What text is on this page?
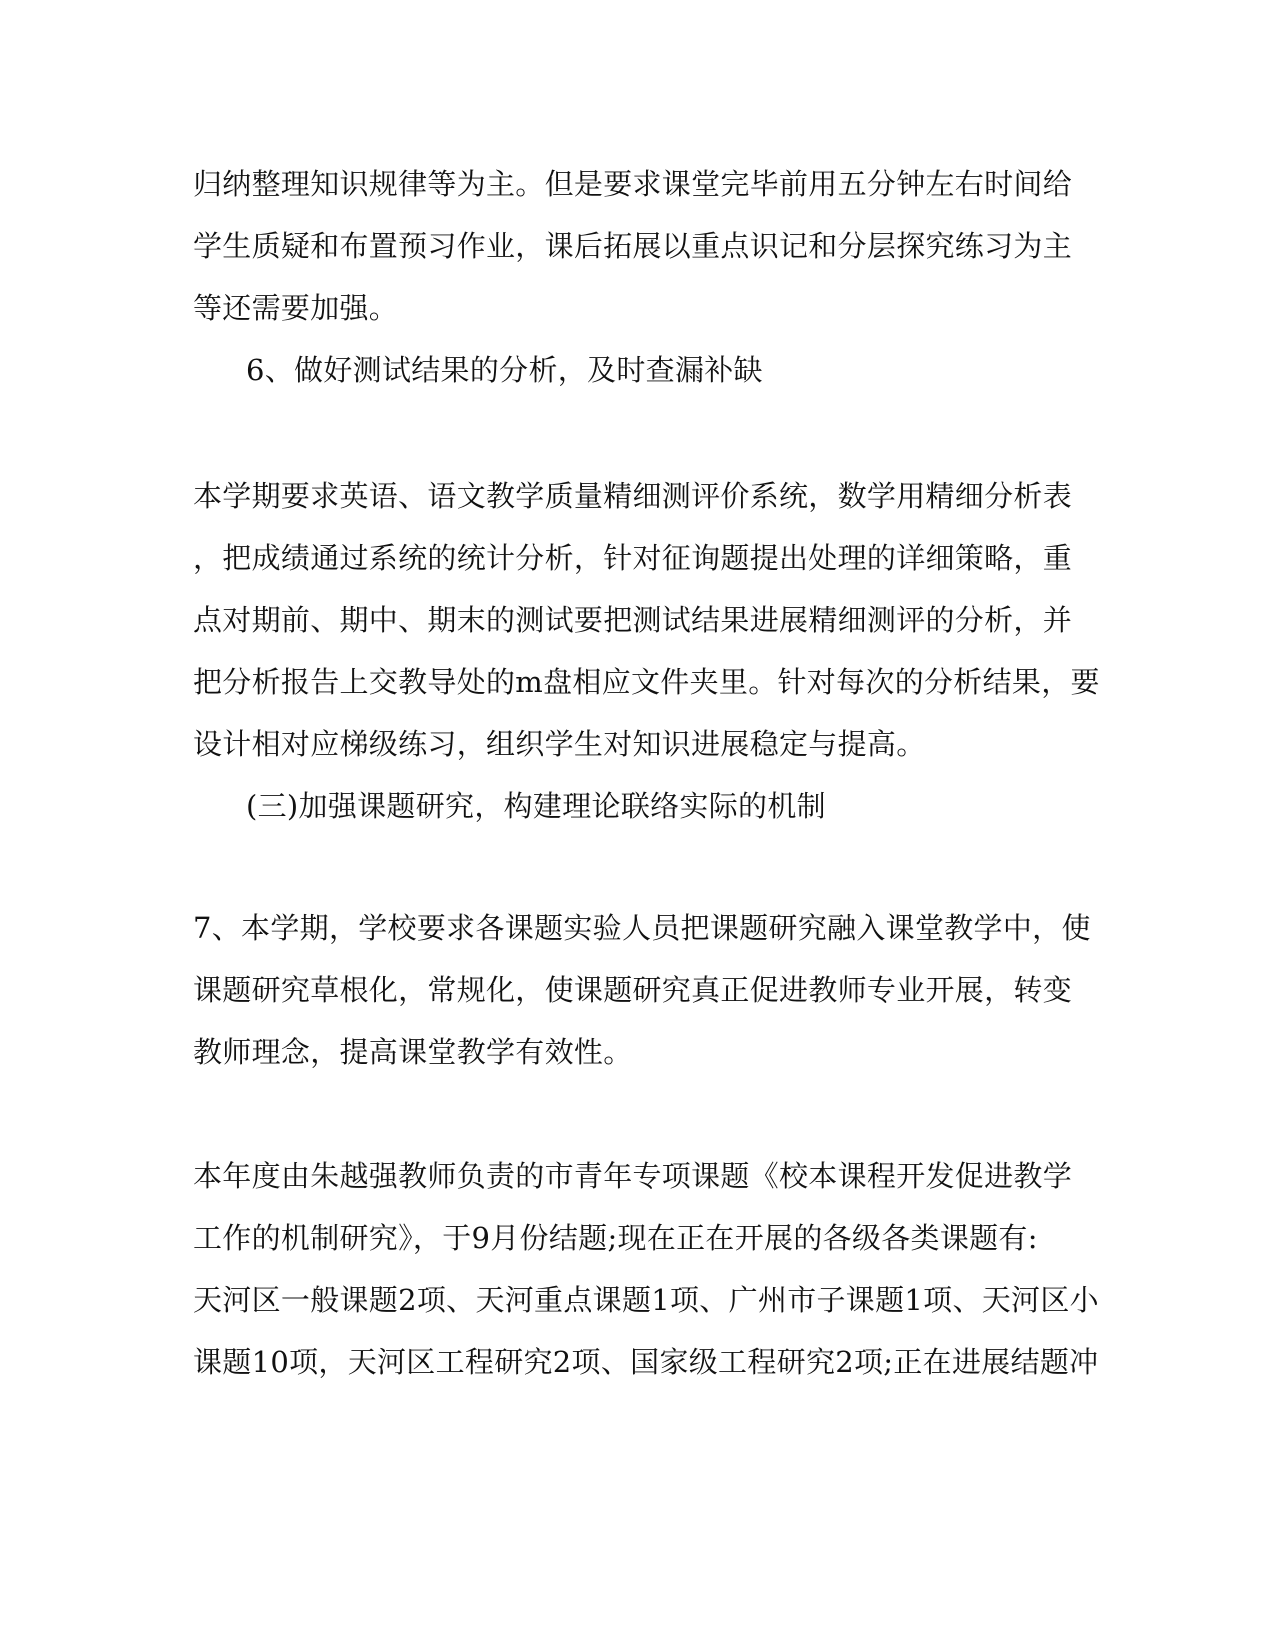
归纳整理知识规律等为主。但是要求课堂完毕前用五分钟左右时间给
学生质疑和布置预习作业，课后拓展以重点识记和分层探究练习为主
等还需要加强。
6、做好测试结果的分析，及时查漏补缺
本学期要求英语、语文教学质量精细测评价系统，数学用精细分析表
，把成绩通过系统的统计分析，针对征询题提出处理的详细策略，重
点对期前、期中、期末的测试要把测试结果进展精细测评的分析，并
把分析报告上交教导处的m盘相应文件夹里。针对每次的分析结果，要
设计相对应梯级练习，组织学生对知识进展稳定与提高。
(三)加强课题研究，构建理论联络实际的机制
7、本学期，学校要求各课题实验人员把课题研究融入课堂教学中，使
课题研究草根化，常规化，使课题研究真正促进教师专业开展，转变
教师理念，提高课堂教学有效性。
本年度由朱越强教师负责的市青年专项课题《校本课程开发促进教学
工作的机制研究》，于9月份结题;现在正在开展的各级各类课题有:
天河区一般课题2项、天河重点课题1项、广州市子课题1项、天河区小
课题10项，天河区工程研究2项、国家级工程研究2项;正在进展结题冲
